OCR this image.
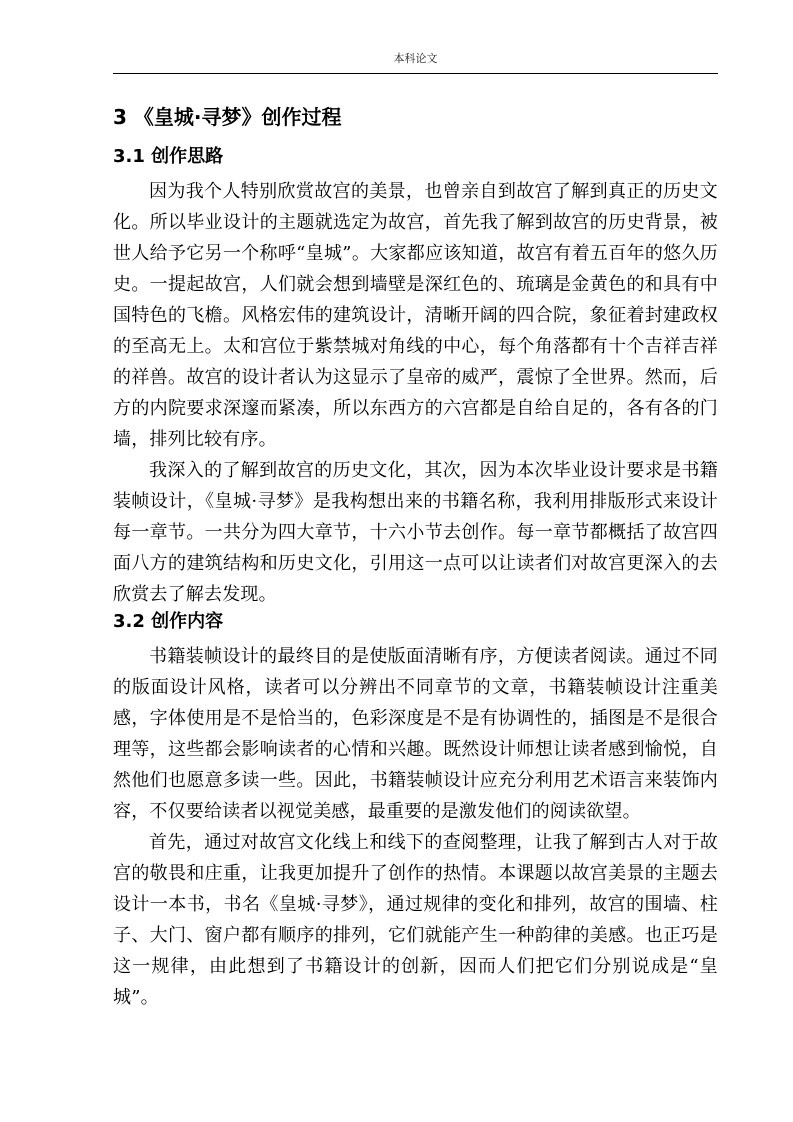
本科论文
3 《皇城·寻梦》创作过程
3.1 创作思路

因为我个人特别欣赏故宫的美景，也曾亲自到故宫了解到真正的历史文化。所以毕业设计的主题就选定为故宫，首先我了解到故宫的历史背景，被世人给予它另一个称呼“皇城”。大家都应该知道，故宫有着五百年的悠久历史。一提起故宫，人们就会想到墙壁是深红色的、琉璃是金黄色的和具有中国特色的飞檐。风格宏伟的建筑设计，清晰开阔的四合院，象征着封建政权的至高无上。太和宫位于紫禁城对角线的中心，每个角落都有十个吉祥吉祥的祥兽。故宫的设计者认为这显示了皇帝的威严，震惊了全世界。然而，后方的内院要求深邃而紧凑，所以东西方的六宫都是自给自足的，各有各的门墙，排列比较有序。

我深入的了解到故宫的历史文化，其次，因为本次毕业设计要求是书籍装帧设计，《皇城·寻梦》是我构想出来的书籍名称，我利用排版形式来设计每一章节。一共分为四大章节，十六小节去创作。每一章节都概括了故宫四面八方的建筑结构和历史文化，引用这一点可以让读者们对故宫更深入的去欣赏去了解去发现。

3.2 创作内容

书籍装帧设计的最终目的是使版面清晰有序，方便读者阅读。通过不同的版面设计风格，读者可以分辨出不同章节的文章，书籍装帧设计注重美感，字体使用是不是恰当的，色彩深度是不是有协调性的，插图是不是很合理等，这些都会影响读者的心情和兴趣。既然设计师想让读者感到愉悦，自然他们也愿意多读一些。因此，书籍装帧设计应充分利用艺术语言来装饰内容，不仅要给读者以视觉美感，最重要的是激发他们的阅读欲望。

首先，通过对故宫文化线上和线下的查阅整理，让我了解到古人对于故宫的敬畏和庄重，让我更加提升了创作的热情。本课题以故宫美景的主题去设计一本书，书名《皇城·寻梦》，通过规律的变化和排列，故宫的围墙、柱子、大门、窗户都有顺序的排列，它们就能产生一种韵律的美感。也正巧是这一规律，由此想到了书籍设计的创新，因而人们把它们分别说成是“皇城”。
